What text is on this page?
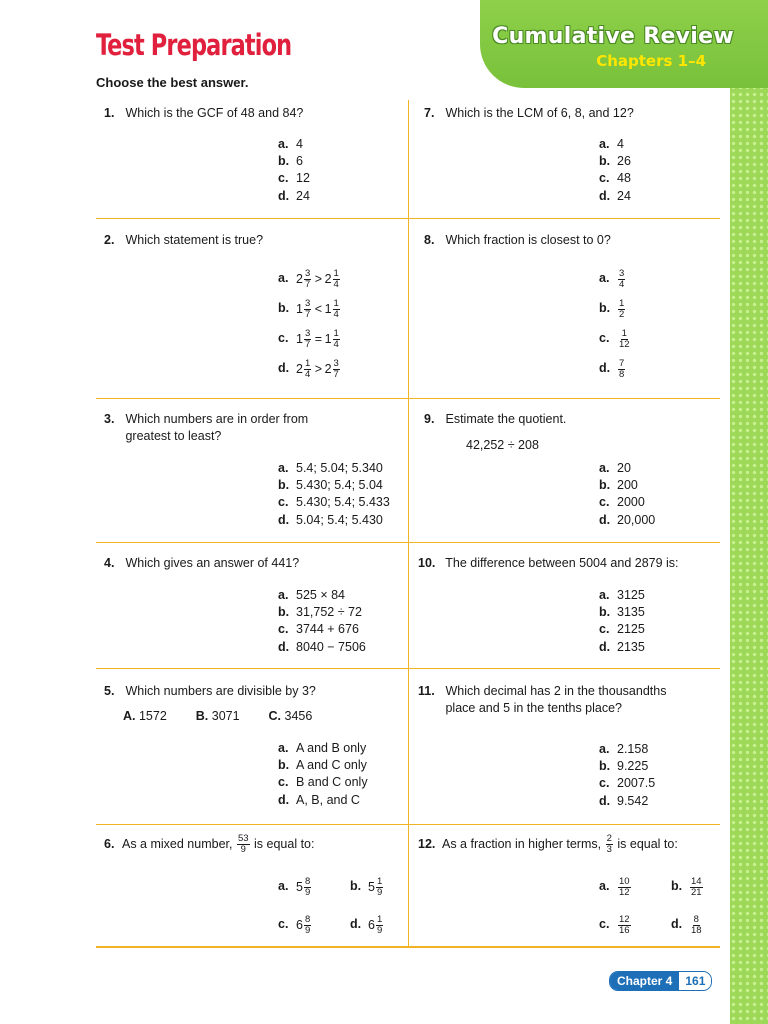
Cumulative Review
Chapters 1–4
Test Preparation
Choose the best answer.
1. Which is the GCF of 48 and 84?
a. 4
b. 6
c. 12
d. 24
7. Which is the LCM of 6, 8, and 12?
a. 4
b. 26
c. 48
d. 24
2. Which statement is true?
a. $2 \frac{3}{7} > 2 \frac{1}{4}$
b. $1 \frac{3}{7} < 1 \frac{1}{4}$
c. $1 \frac{3}{7} = 1 \frac{1}{4}$
d. $2 \frac{1}{4} > 2 \frac{3}{7}$
8. Which fraction is closest to 0?
a. $\frac{3}{4}$
b. $\frac{1}{2}$
c. $\frac{1}{12}$
d. $\frac{7}{8}$
3. Which numbers are in order from
greatest to least?
a. 5.4; 5.04; 5.340
b. 5.430; 5.4; 5.04
c. 5.430; 5.4; 5.433
d. 5.04; 5.4; 5.430
9. Estimate the quotient.
42,252 ÷ 208
a. 20
b. 200
c. 2000
d. 20,000
4. Which gives an answer of 441?
a. 525 × 84
b. 31,752 ÷ 72
c. 3744 + 676
d. 8040 − 7506
10. The difference between 5004 and 2879 is:
a. 3125
b. 3135
c. 2125
d. 2135
5. Which numbers are divisible by 3?
A. 1572 B. 3071 C. 3456
a. A and B only
b. A and C only
c. B and C only
d. A, B, and C
11. Which decimal has 2 in the thousandths
place and 5 in the tenths place?
a. 2.158
b. 9.225
c. 2007.5
d. 9.542
6. As a mixed number,
$\frac{53}{9}$
is equal to:
a. $5 \frac{8}{9}$	b. $5 \frac{1}{9}$
c. $6 \frac{8}{9}$	d. $6 \frac{1}{9}$
12. As a fraction in higher terms,
$\frac{2}{3}$
is equal to:
a. $\frac{10}{12}$	b. $\frac{14}{21}$
c. $\frac{12}{16}$	d. $\frac{8}{18}$
Chapter 4	161
